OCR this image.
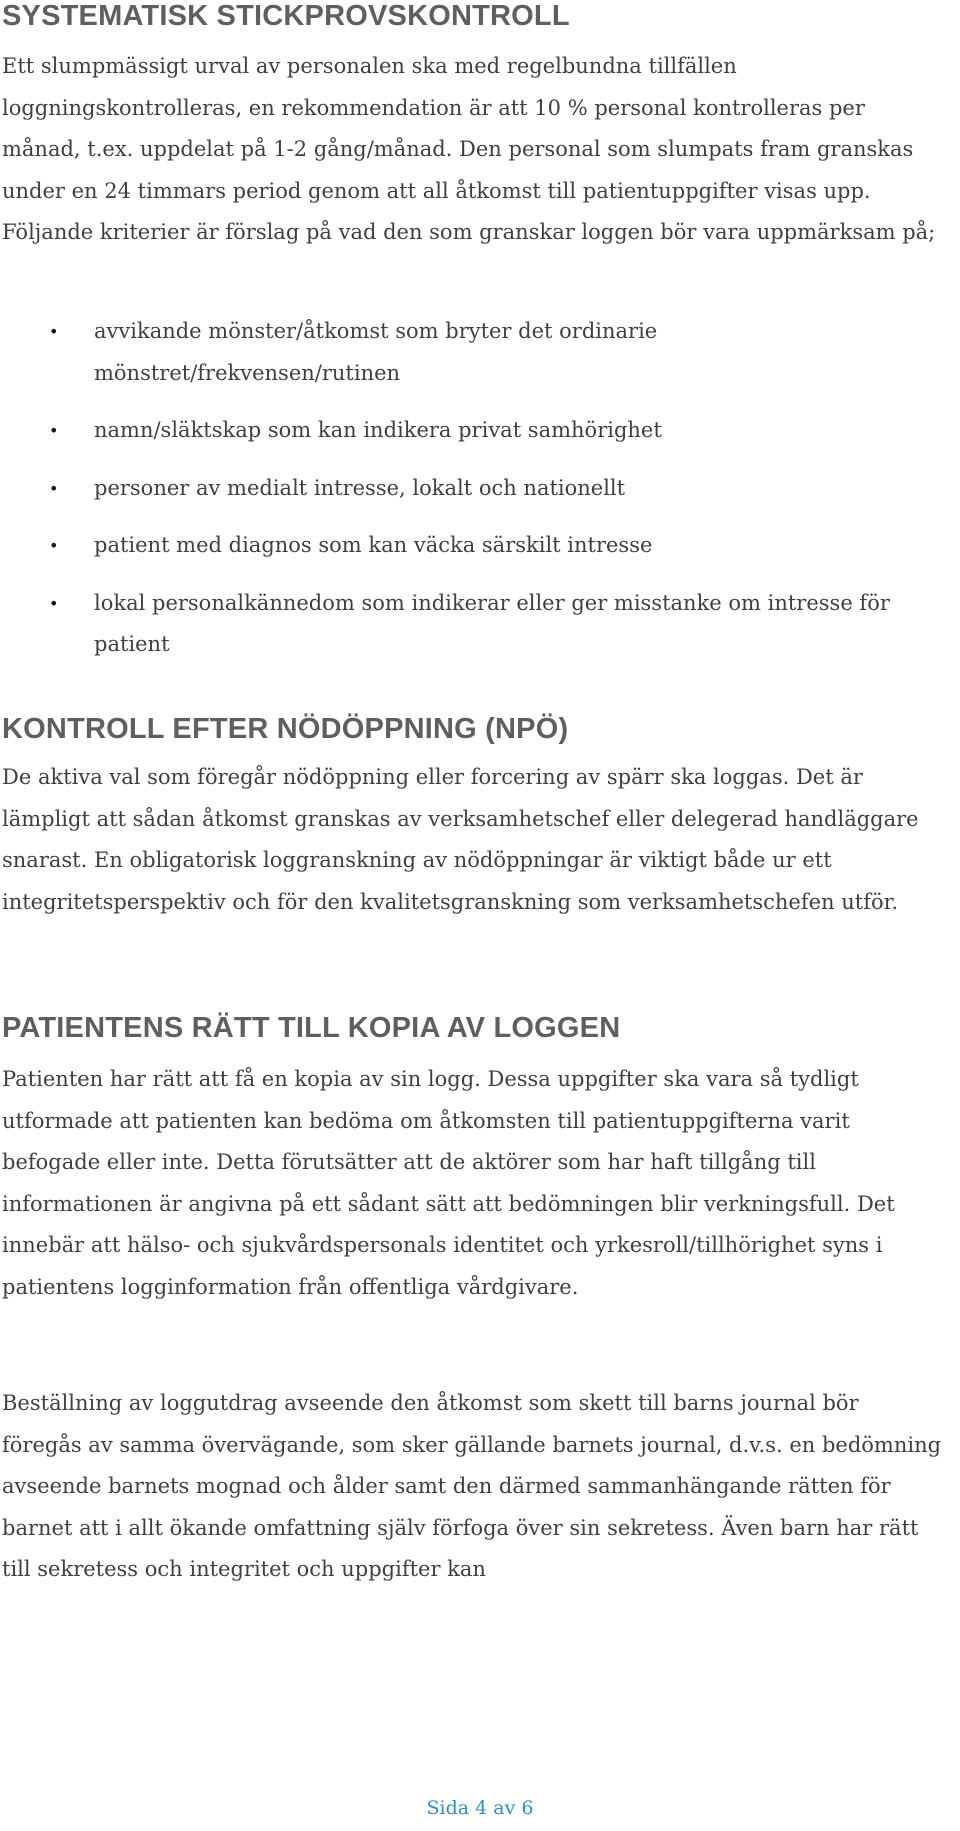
SYSTEMATISK STICKPROVSKONTROLL

Ett slumpmässigt urval av personalen ska med regelbundna tillfällen loggningskontrolleras, en rekommendation är att 10 % personal kontrolleras per månad, t.ex. uppdelat på 1-2 gång/månad. Den personal som slumpats fram granskas under en 24 timmars period genom att all åtkomst till patientuppgifter visas upp. Följande kriterier är förslag på vad den som granskar loggen bör vara uppmärksam på;

• avvikande mönster/åtkomst som bryter det ordinarie mönstret/frekvensen/rutinen
• namn/släktskap som kan indikera privat samhörighet
• personer av medialt intresse, lokalt och nationellt
• patient med diagnos som kan väcka särskilt intresse
• lokal personalkännedom som indikerar eller ger misstanke om intresse för patient
KONTROLL EFTER NÖDÖPPNING (NPÖ)

De aktiva val som föregår nödöppning eller forcering av spärr ska loggas. Det är lämpligt att sådan åtkomst granskas av verksamhetschef eller delegerad handläggare snarast. En obligatorisk loggranskning av nödöppningar är viktigt både ur ett integritetsperspektiv och för den kvalitetsgranskning som verksamhetschefen utför.

PATIENTENS RÄTT TILL KOPIA AV LOGGEN

Patienten har rätt att få en kopia av sin logg. Dessa uppgifter ska vara så tydligt utformade att patienten kan bedöma om åtkomsten till patientuppgifterna varit befogade eller inte. Detta förutsätter att de aktörer som har haft tillgång till informationen är angivna på ett sådant sätt att bedömningen blir verkningsfull. Det innebär att hälso- och sjukvårdspersonals identitet och yrkesroll/tillhörighet syns i patientens logginformation från offentliga vårdgivare.

Beställning av loggutdrag avseende den åtkomst som skett till barns journal bör föregås av samma övervägande, som sker gällande barnets journal, d.v.s. en bedömning avseende barnets mognad och ålder samt den därmed sammanhängande rätten för barnet att i allt ökande omfattning själv förfoga över sin sekretess. Även barn har rätt till sekretess och integritet och uppgifter kan

Sida 4 av 6
